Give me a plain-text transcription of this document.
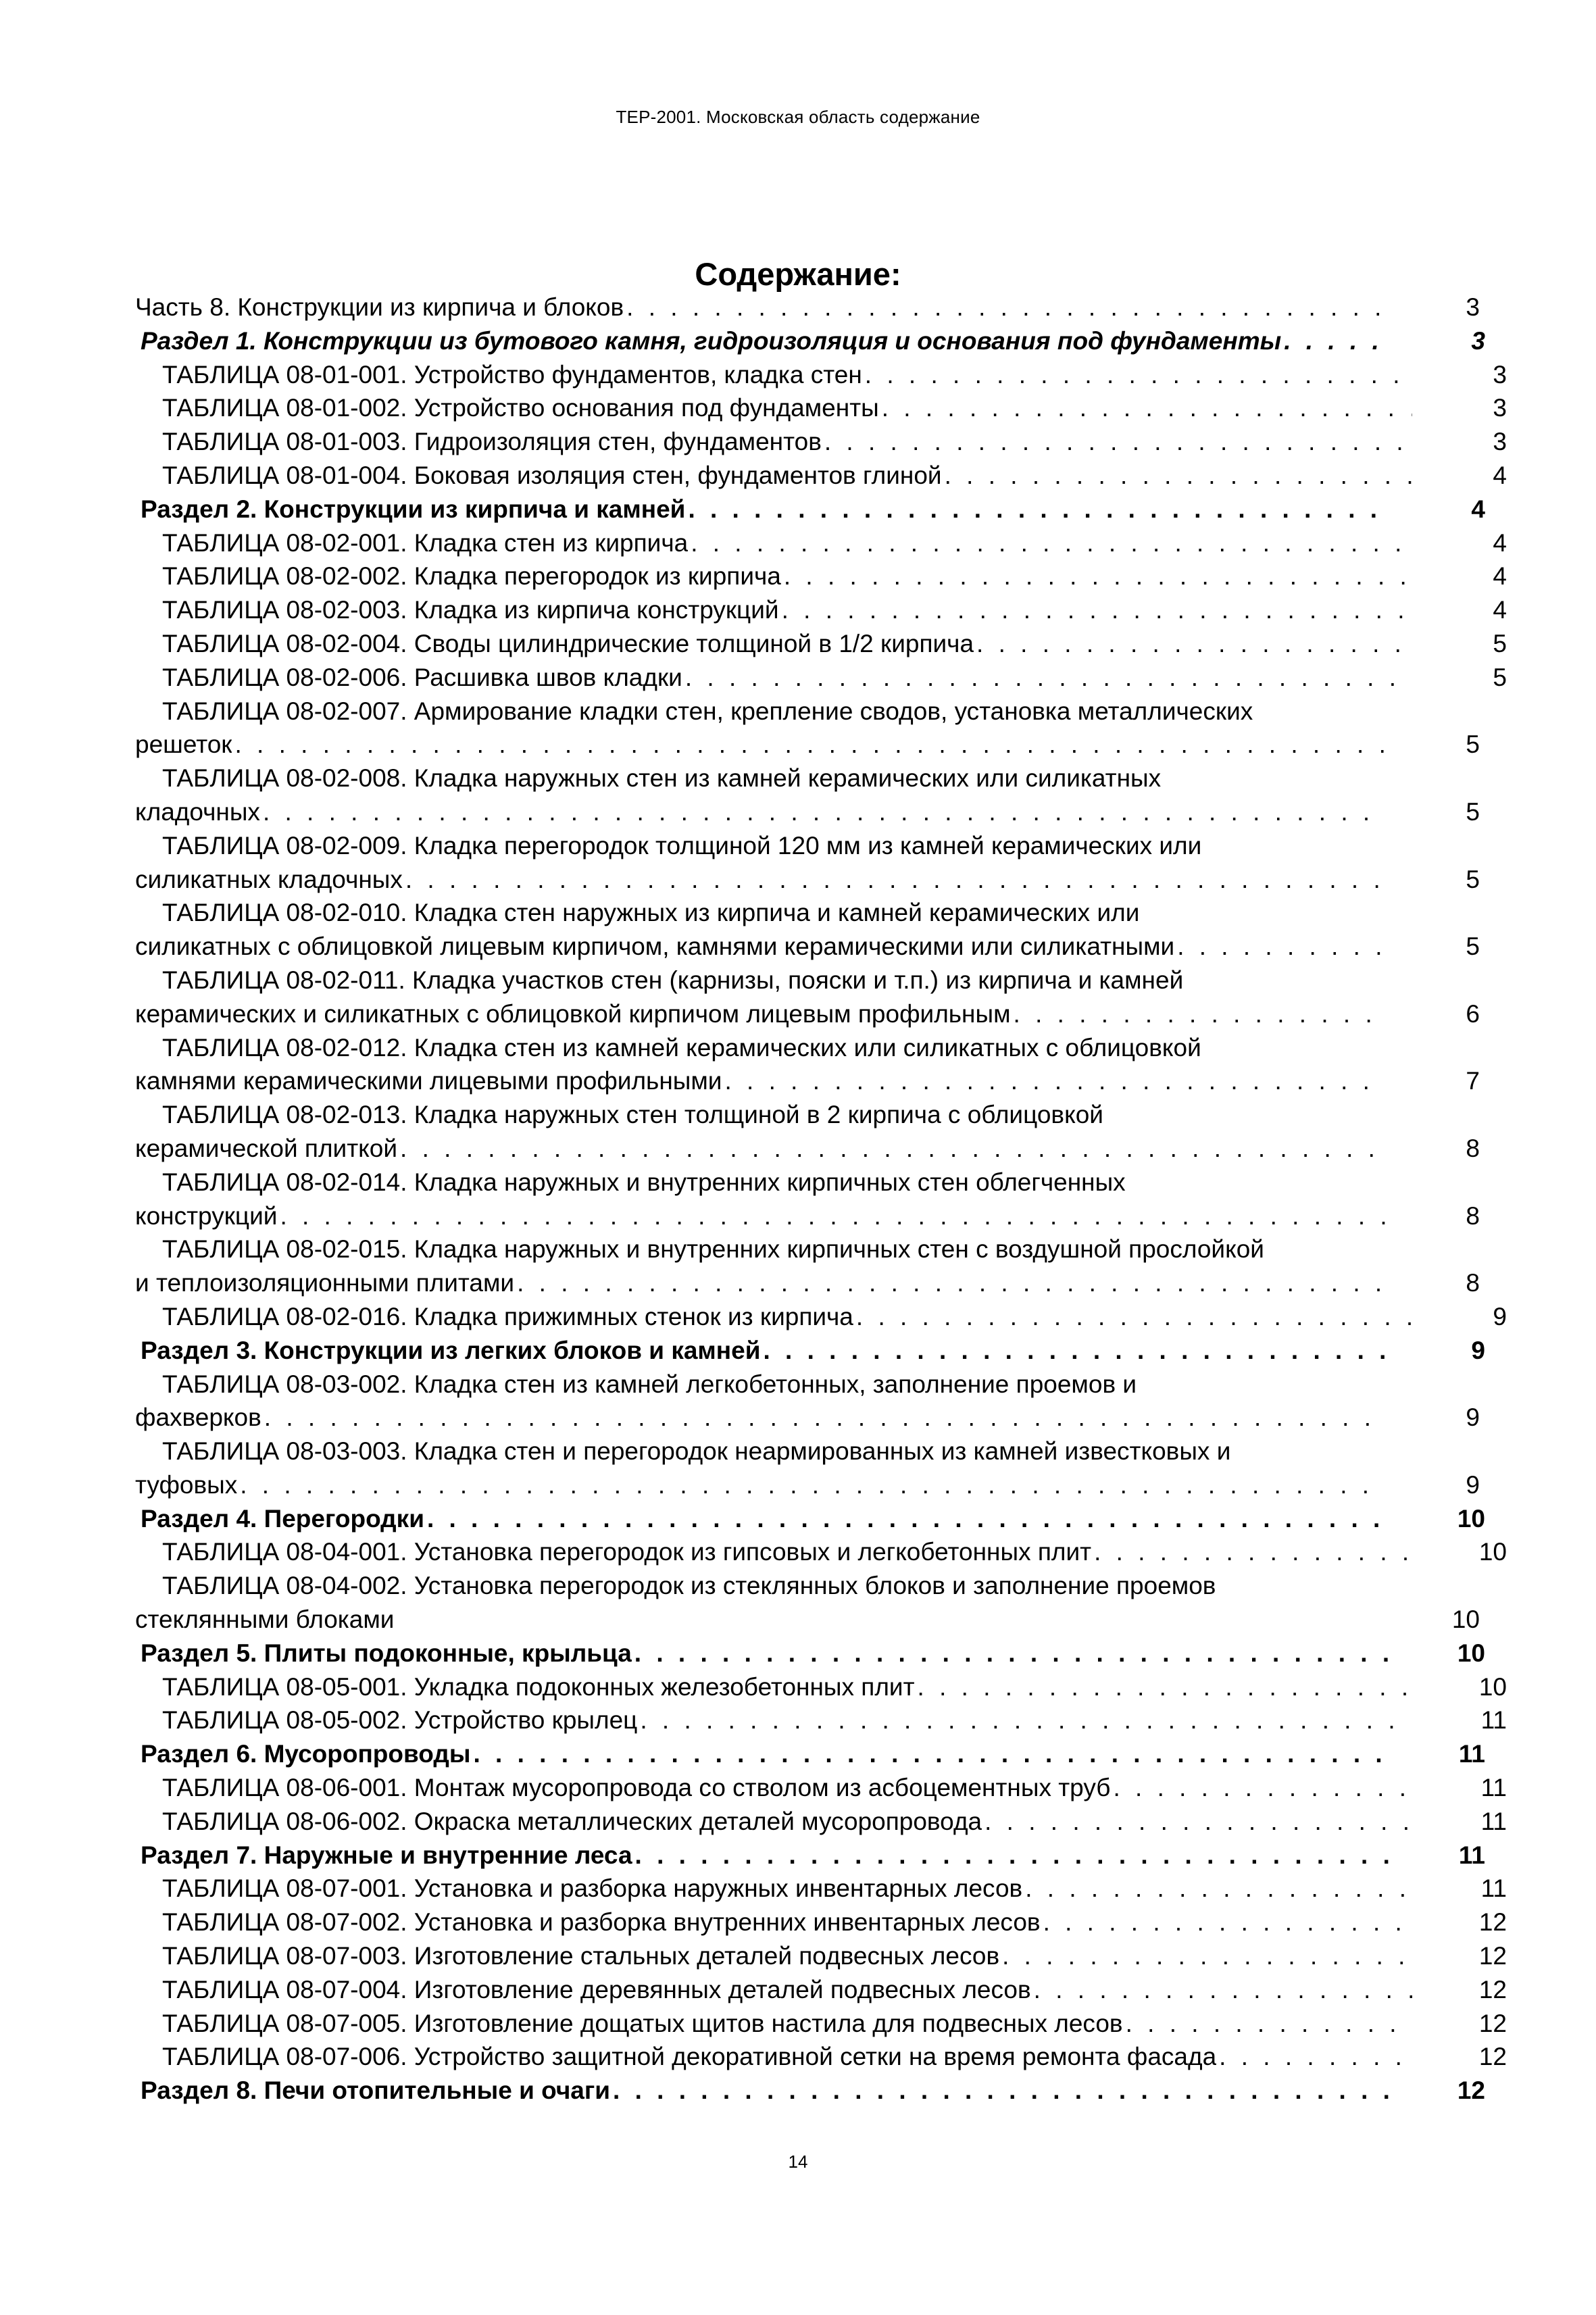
ТЕР-2001. Московская область содержание
Содержание:
Часть 8. Конструкции из кирпича и блоков . . .	3
Раздел 1. Конструкции из бутового камня, гидроизоляция и основания под фундаменты . . .	3
ТАБЛИЦА 08-01-001. Устройство фундаментов, кладка стен . . .	3
ТАБЛИЦА 08-01-002. Устройство основания под фундаменты . . .	3
ТАБЛИЦА 08-01-003. Гидроизоляция стен, фундаментов . . .	3
ТАБЛИЦА 08-01-004. Боковая изоляция стен, фундаментов глиной . . .	4
Раздел 2. Конструкции из кирпича и камней . . .	4
ТАБЛИЦА 08-02-001. Кладка стен из кирпича . . .	4
ТАБЛИЦА 08-02-002. Кладка перегородок из кирпича . . .	4
ТАБЛИЦА 08-02-003. Кладка из кирпича конструкций . . .	4
ТАБЛИЦА 08-02-004. Своды цилиндрические толщиной в 1/2 кирпича . . .	5
ТАБЛИЦА 08-02-006. Расшивка швов кладки . . .	5
ТАБЛИЦА 08-02-007. Армирование кладки стен, крепление сводов, установка металлических
решеток . . .	5
ТАБЛИЦА 08-02-008. Кладка наружных стен из камней керамических или силикатных
кладочных . . .	5
ТАБЛИЦА 08-02-009. Кладка перегородок толщиной 120 мм из камней керамических или
силикатных кладочных . . .	5
ТАБЛИЦА 08-02-010. Кладка стен наружных из кирпича и камней керамических или
силикатных с облицовкой лицевым кирпичом, камнями керамическими или силикатными . . .	5
ТАБЛИЦА 08-02-011. Кладка участков стен (карнизы, пояски и т.п.) из кирпича и камней
керамических и силикатных с облицовкой кирпичом лицевым профильным . . .	6
ТАБЛИЦА 08-02-012. Кладка стен из камней керамических или силикатных с облицовкой
камнями керамическими лицевыми профильными . . .	7
ТАБЛИЦА 08-02-013. Кладка наружных стен толщиной в 2 кирпича с облицовкой
керамической плиткой . . .	8
ТАБЛИЦА 08-02-014. Кладка наружных и внутренних кирпичных стен облегченных
конструкций . . .	8
ТАБЛИЦА 08-02-015. Кладка наружных и внутренних кирпичных стен с воздушной прослойкой
и теплоизоляционными плитами . . .	8
ТАБЛИЦА 08-02-016. Кладка прижимных стенок из кирпича . . .	9
Раздел 3. Конструкции из легких блоков и камней . . .	9
ТАБЛИЦА 08-03-002. Кладка стен из камней легкобетонных, заполнение проемов и
фахверков . . .	9
ТАБЛИЦА 08-03-003. Кладка стен и перегородок неармированных из камней известковых и
туфовых . . .	9
Раздел 4. Перегородки . . .	10
ТАБЛИЦА 08-04-001. Установка перегородок из гипсовых и легкобетонных плит . . .	10
ТАБЛИЦА 08-04-002. Установка перегородок из стеклянных блоков и заполнение проемов
стеклянными блоками	10
Раздел 5. Плиты подоконные, крыльца . . .	10
ТАБЛИЦА 08-05-001. Укладка подоконных железобетонных плит . . .	10
ТАБЛИЦА 08-05-002. Устройство крылец . . .	11
Раздел 6. Мусоропроводы . . .	11
ТАБЛИЦА 08-06-001. Монтаж мусоропровода со стволом из асбоцементных труб . . .	11
ТАБЛИЦА 08-06-002. Окраска металлических деталей мусоропровода . . .	11
Раздел 7. Наружные и внутренние леса . . .	11
ТАБЛИЦА 08-07-001. Установка и разборка наружных инвентарных лесов . . .	11
ТАБЛИЦА 08-07-002. Установка и разборка внутренних инвентарных лесов . . .	12
ТАБЛИЦА 08-07-003. Изготовление стальных деталей подвесных лесов . . .	12
ТАБЛИЦА 08-07-004. Изготовление деревянных деталей подвесных лесов . . .	12
ТАБЛИЦА 08-07-005. Изготовление дощатых щитов настила для подвесных лесов . . .	12
ТАБЛИЦА 08-07-006. Устройство защитной декоративной сетки на время ремонта фасада . . .	12
Раздел 8. Печи отопительные и очаги . . .	12
14
